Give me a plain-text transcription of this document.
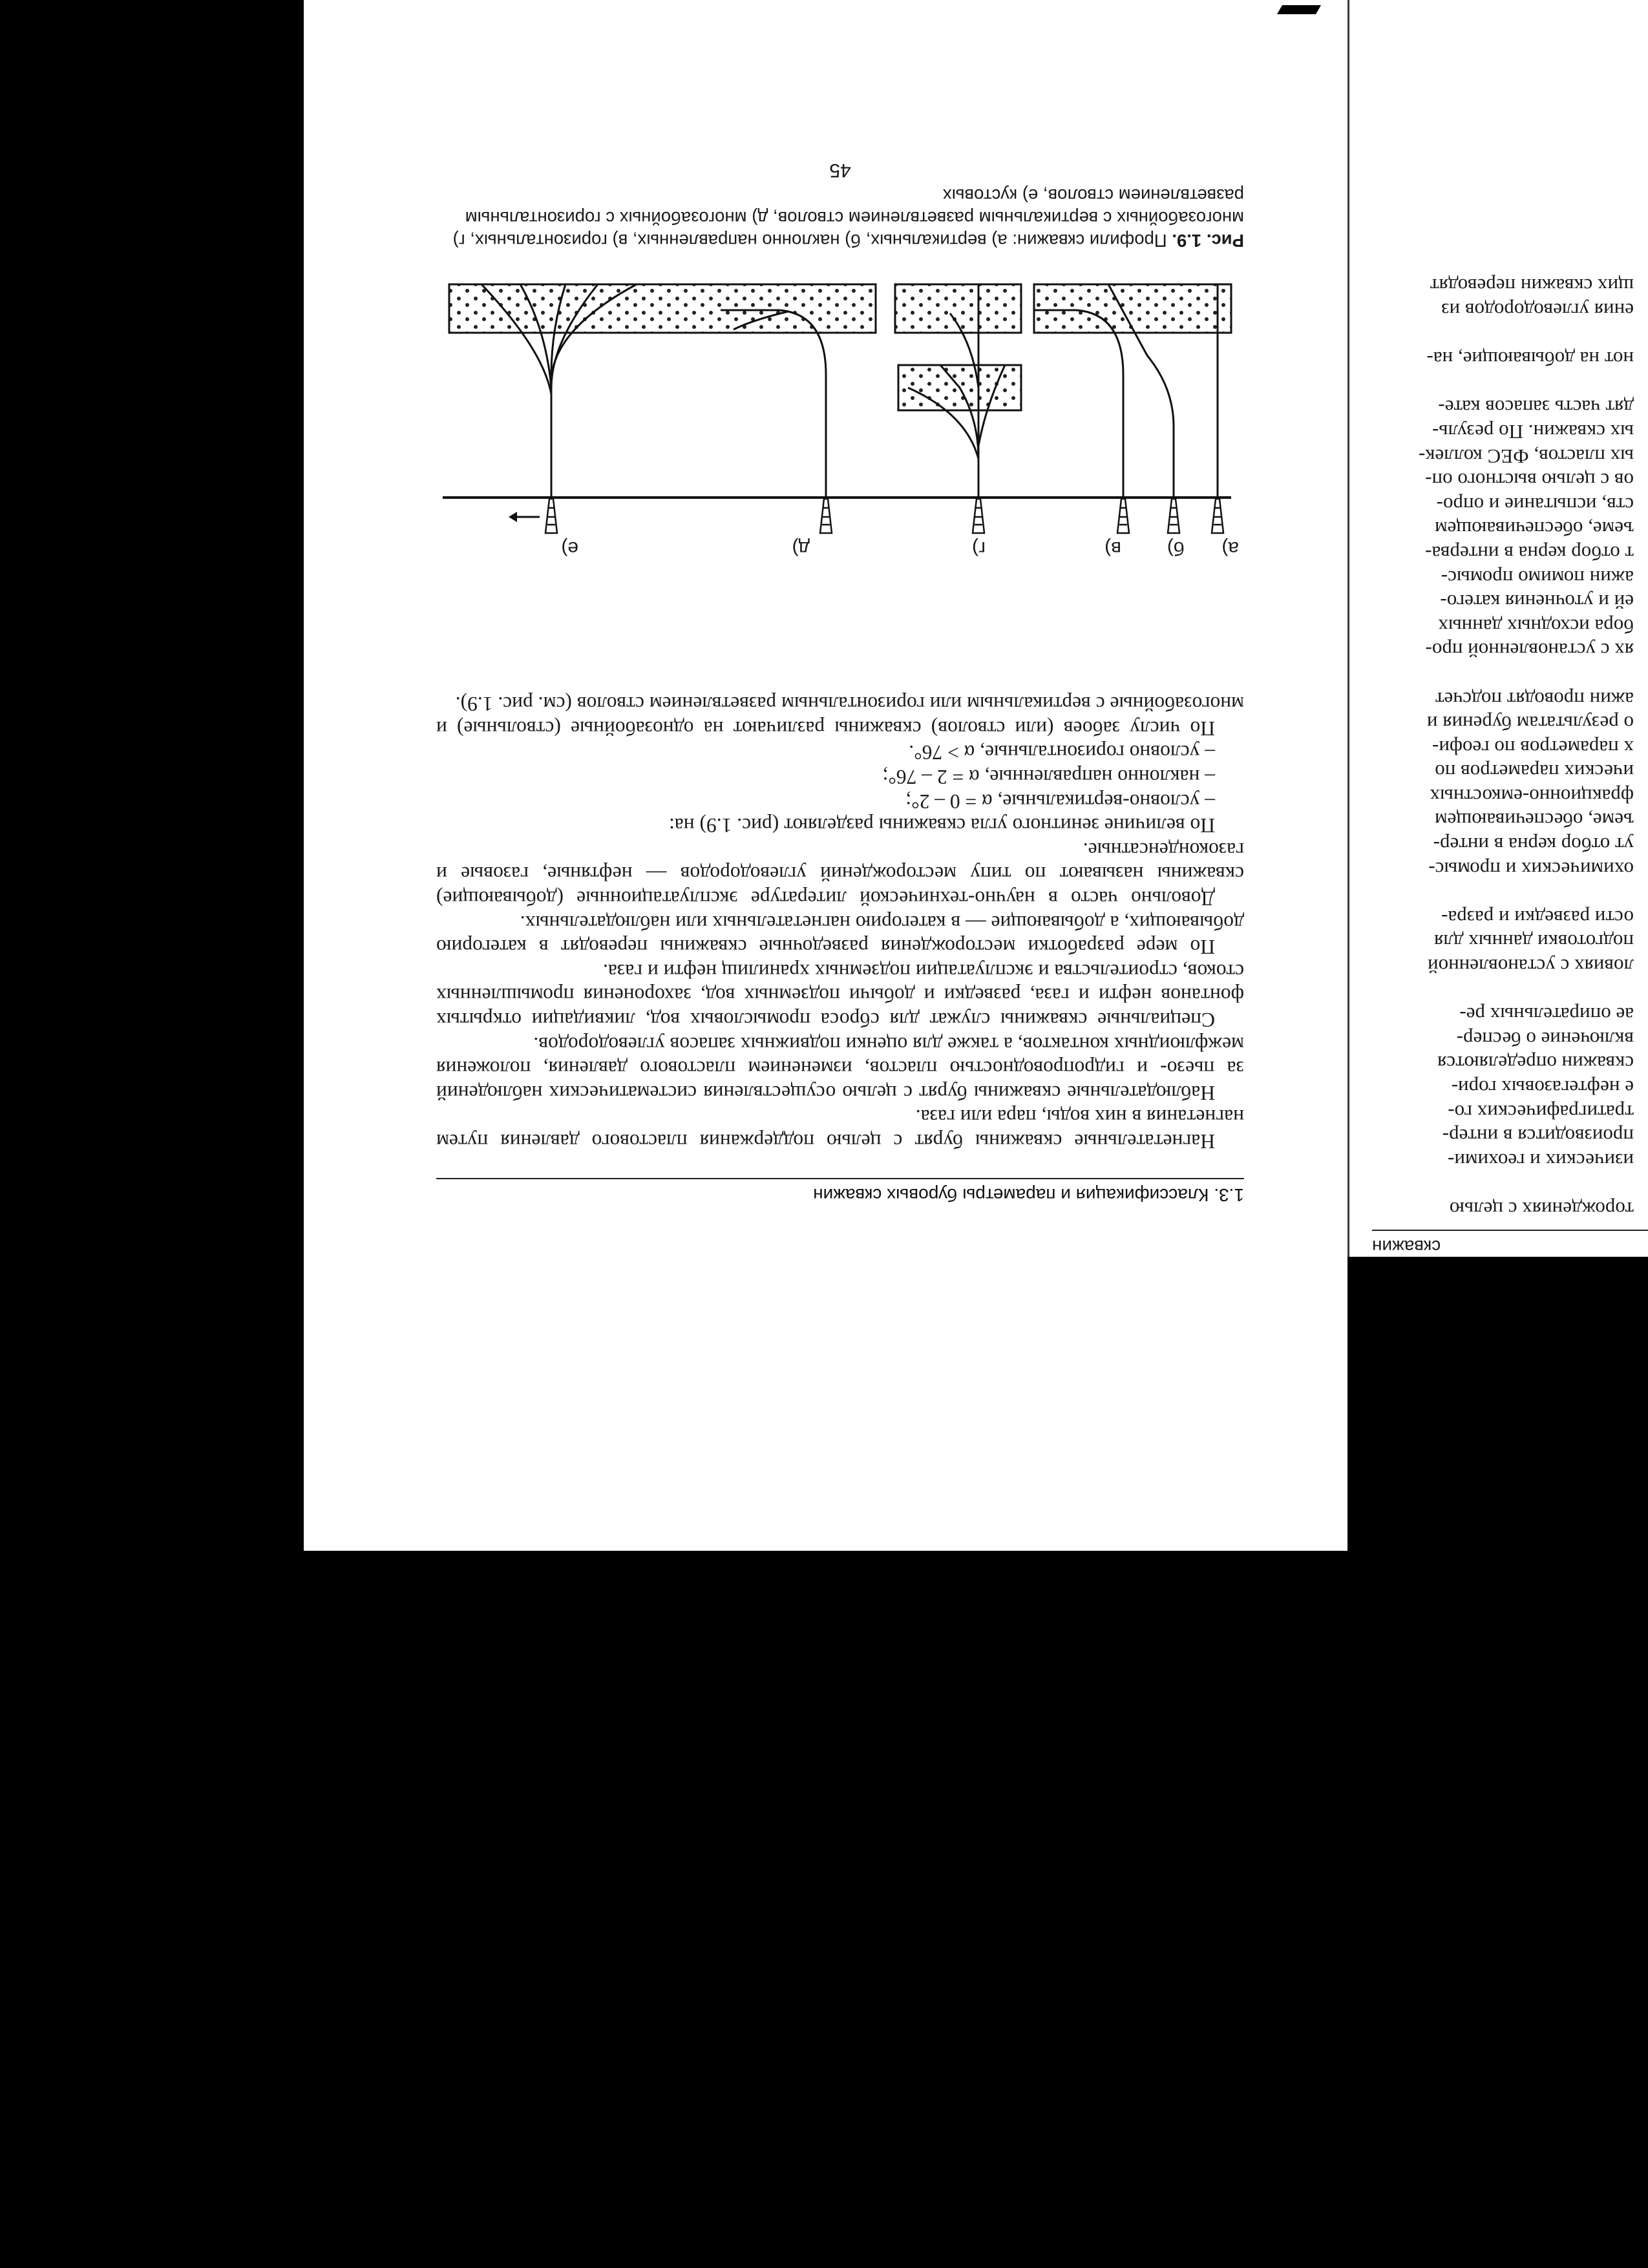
1.3. Классификация и параметры буровых скважин

Нагнетательные скважины бурят с целью поддержания пластового давления путем нагнетания в них воды, пара или газа.

Наблюдательные скважины бурят с целью осуществления систематических наблюдений за пьезо- и гидропроводностью пластов, изменением пластового давления, положения межфлюидных контактов, а также для оценки подвижных запасов углеводородов.

Специальные скважины служат для сброса промысловых вод, ликвидации открытых фонтанов нефти и газа, разведки и добычи подземных вод, захоронения промышленных стоков, строительства и эксплуатации подземных хранилищ нефти и газа.

По мере разработки месторождения разведочные скважины переводят в категорию добывающих, а добывающие — в категорию нагнетательных или наблюдательных.

Довольно часто в научно-технической литературе эксплуатационные (добывающие) скважины называют по типу месторождений углеводородов — нефтяные, газовые и газоконденсатные.

По величине зенитного угла скважины разделяют (рис. 1.9) на:

– условно-вертикальные, α = 0 – 2°;
– наклонно направленные, α = 2 – 76°;
– условно горизонтальные, α > 76°.

По числу забоев (или стволов) скважины различают на однозабойные (ствольные) и многозабойные с вертикальным или горизонтальным разветвлением стволов (см. рис. 1.9).

а)
б)
в)
г)
д)
е)
Рис. 1.9. Профили скважин: а) вертикальных, б) наклонно направленных, в) горизонтальных, г) многозабойных с вертикальным разветвлением стволов, д) многозабойных с горизонтальным разветвлением стволов, е) кустовых
45
скважин
торождениях с целью

изических и геохими-
производится в интер-
тратиграфических го-
е нефтегазовых гори-
скважин определяются
включение о беспер-
ае опирательных ре-

ловиях с установленной
подготовки данных для
ости разведки и разра-

охимических и промыс-
ут отбор керна в интер-
ъеме, обеспечивающем
фракционно-емкостных
ических параметров по
х параметров по геофи-
о результатам бурения и
ажин проводят подсчет

ях с установленной про-
бора исходных данных
ей и уточнения катего-
ажин помимо промыс-
т отбор керна в интерва-
ъеме, обеспечивающем
ств, испытание и опро-
ов с целью выстного оп-
ых пластов, ФЕС коллек-
ых скважин. По резуль-
дят часть запасов кате-

нот на добывающие, на-

ения углеводородов из
щих скважин переводят
